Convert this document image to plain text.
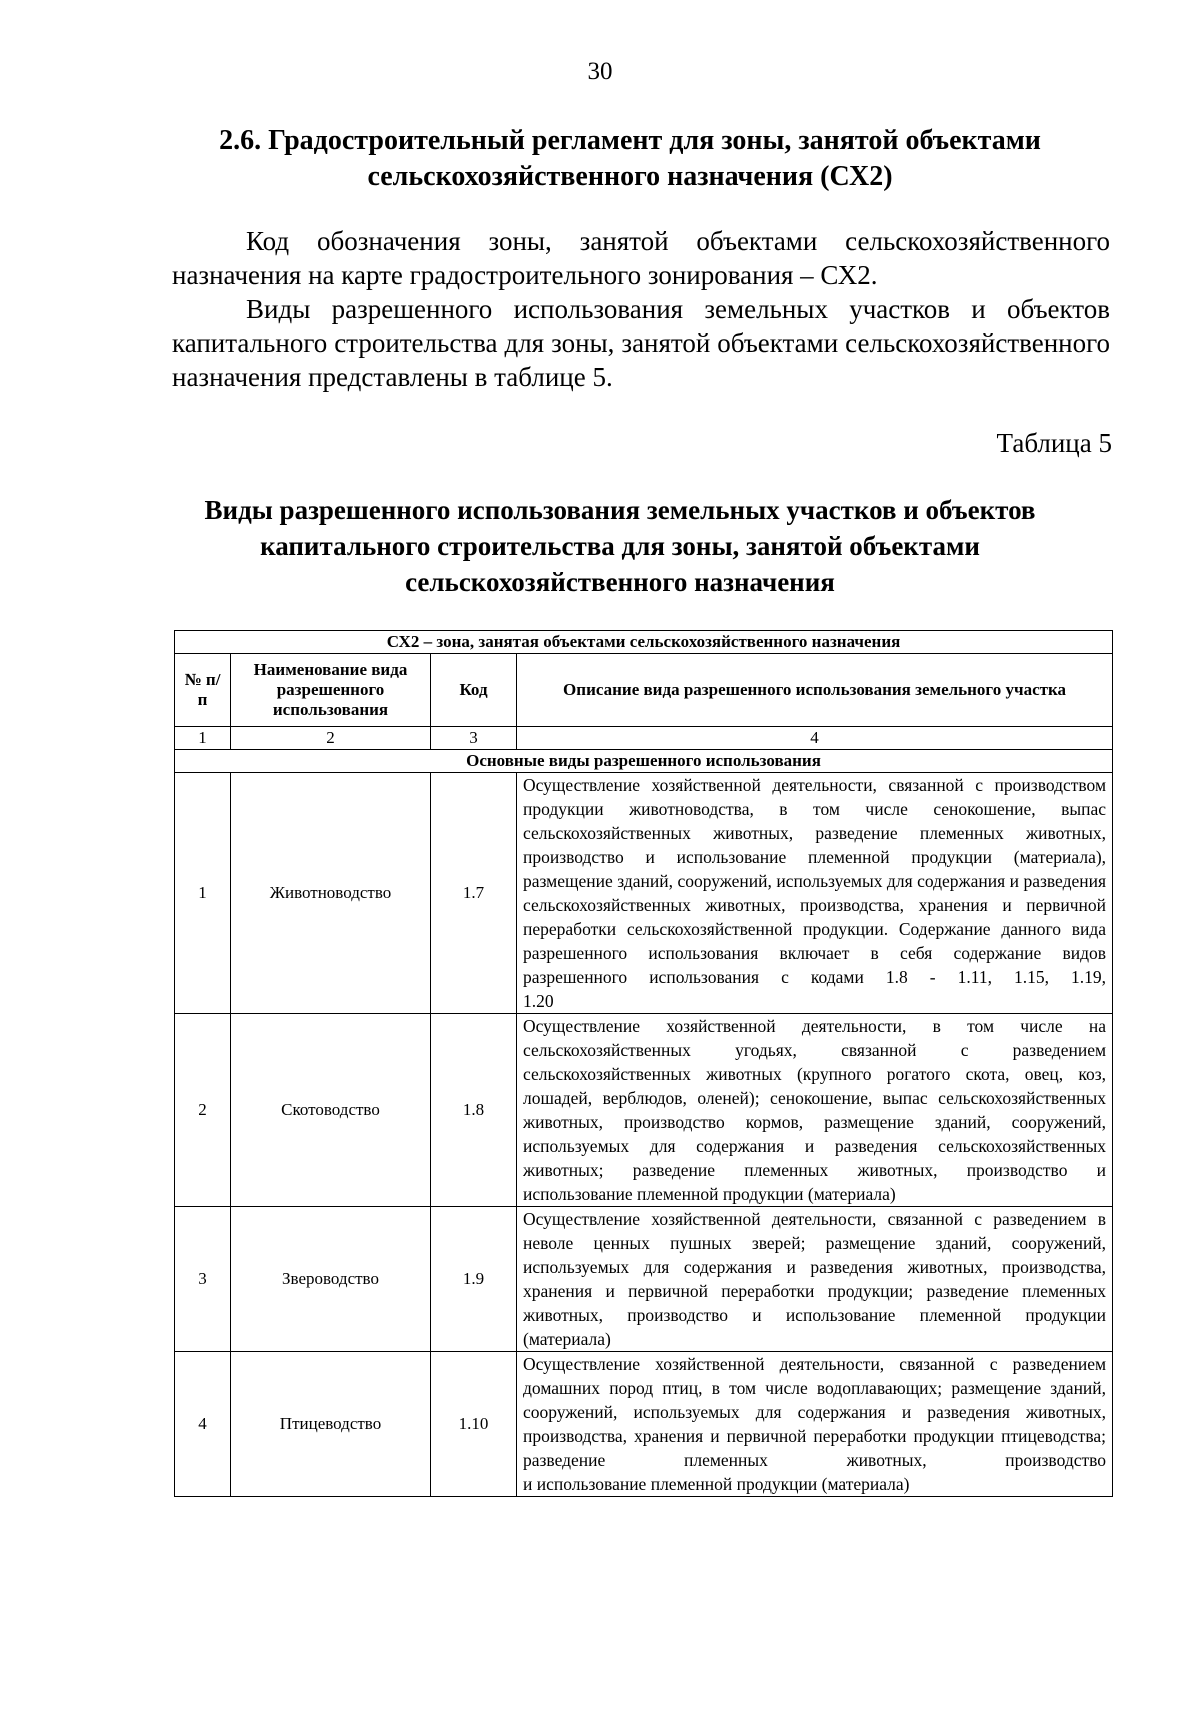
30
2.6. Градостроительный регламент для зоны, занятой объектами сельскохозяйственного назначения (СХ2)
Код обозначения зоны, занятой объектами сельскохозяйственного назначения на карте градостроительного зонирования – СХ2.
Виды разрешенного использования земельных участков и объектов капитального строительства для зоны, занятой объектами сельскохозяйственного назначения представлены в таблице 5.
Таблица 5
Виды разрешенного использования земельных участков и объектов капитального строительства для зоны, занятой объектами сельскохозяйственного назначения
СХ2 – зона, занятая объектами сельскохозяйственного назначения			
№ п/п	Наименование вида разрешенного использования	Код	Описание вида разрешенного использования земельного участка
1	2	3	4
Основные виды разрешенного использования			
1	Животноводство	1.7	Осуществление хозяйственной деятельности, связанной с производством продукции животноводства, в том числе сенокошение, выпас сельскохозяйственных животных, разведение племенных животных, производство и использование племенной продукции (материала), размещение зданий, сооружений, используемых для содержания и разведения сельскохозяйственных животных, производства, хранения и первичной переработки сельскохозяйственной продукции. Содержание данного вида разрешенного использования включает в себя содержание видов разрешенного использования с кодами 1.8 - 1.11, 1.15, 1.19,
1.20

2	Скотоводство	1.8	Осуществление хозяйственной деятельности, в том числе на сельскохозяйственных угодьях, связанной с разведением сельскохозяйственных животных (крупного рогатого скота, овец, коз, лошадей, верблюдов, оленей); сенокошение, выпас сельскохозяйственных животных, производство кормов, размещение зданий, сооружений, используемых для содержания и разведения сельскохозяйственных животных; разведение племенных животных, производство и
использование племенной продукции (материала)

3	Звероводство	1.9	Осуществление хозяйственной деятельности, связанной с разведением в неволе ценных пушных зверей; размещение зданий, сооружений, используемых для содержания и разведения животных, производства, хранения и первичной переработки продукции; разведение племенных животных, производство и использование племенной продукции
(материала)

4	Птицеводство	1.10	Осуществление хозяйственной деятельности, связанной с разведением домашних пород птиц, в том числе водоплавающих; размещение зданий, сооружений, используемых для содержания и разведения животных, производства, хранения и первичной переработки продукции птицеводства; разведение племенных животных, производство
и использование племенной продукции (материала)
